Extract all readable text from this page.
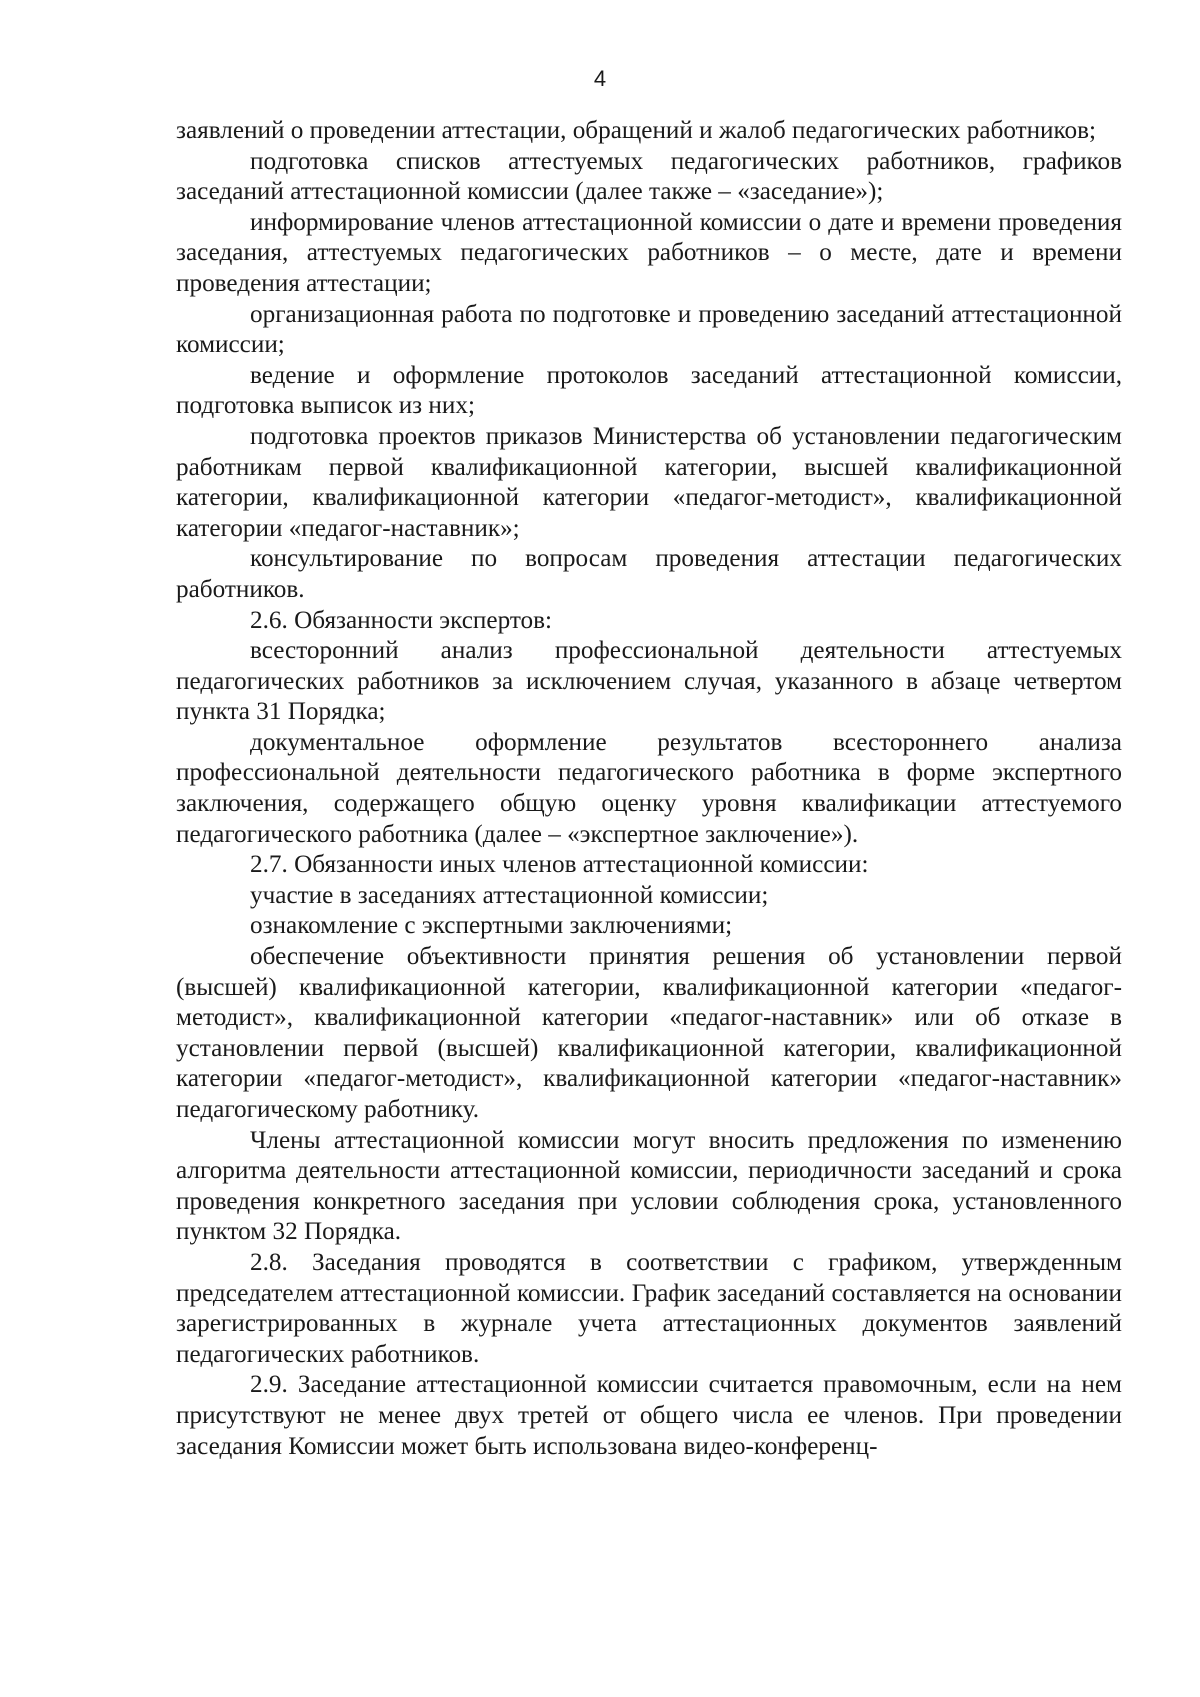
4

заявлений о проведении аттестации, обращений и жалоб педагогических работников;

подготовка списков аттестуемых педагогических работников, графиков заседаний аттестационной комиссии (далее также – «заседание»);

информирование членов аттестационной комиссии о дате и времени проведения заседания, аттестуемых педагогических работников – о месте, дате и времени проведения аттестации;

организационная работа по подготовке и проведению заседаний аттестационной комиссии;

ведение и оформление протоколов заседаний аттестационной комиссии, подготовка выписок из них;

подготовка проектов приказов Министерства об установлении педагогическим работникам первой квалификационной категории, высшей квалификационной категории, квалификационной категории «педагог-методист», квалификационной категории «педагог-наставник»;

консультирование по вопросам проведения аттестации педагогических работников.

2.6. Обязанности экспертов:

всесторонний анализ профессиональной деятельности аттестуемых педагогических работников за исключением случая, указанного в абзаце четвертом пункта 31 Порядка;

документальное оформление результатов всестороннего анализа профессиональной деятельности педагогического работника в форме экспертного заключения, содержащего общую оценку уровня квалификации аттестуемого педагогического работника (далее – «экспертное заключение»).

2.7. Обязанности иных членов аттестационной комиссии:

участие в заседаниях аттестационной комиссии;

ознакомление с экспертными заключениями;

обеспечение объективности принятия решения об установлении первой (высшей) квалификационной категории, квалификационной категории «педагог-методист», квалификационной категории «педагог-наставник» или об отказе в установлении первой (высшей) квалификационной категории, квалификационной категории «педагог-методист», квалификационной категории «педагог-наставник» педагогическому работнику.

Члены аттестационной комиссии могут вносить предложения по изменению алгоритма деятельности аттестационной комиссии, периодичности заседаний и срока проведения конкретного заседания при условии соблюдения срока, установленного пунктом 32 Порядка.

2.8. Заседания проводятся в соответствии с графиком, утвержденным председателем аттестационной комиссии. График заседаний составляется на основании зарегистрированных в журнале учета аттестационных документов заявлений педагогических работников.

2.9. Заседание аттестационной комиссии считается правомочным, если на нем присутствуют не менее двух третей от общего числа ее членов. При проведении заседания Комиссии может быть использована видео-конференц-
